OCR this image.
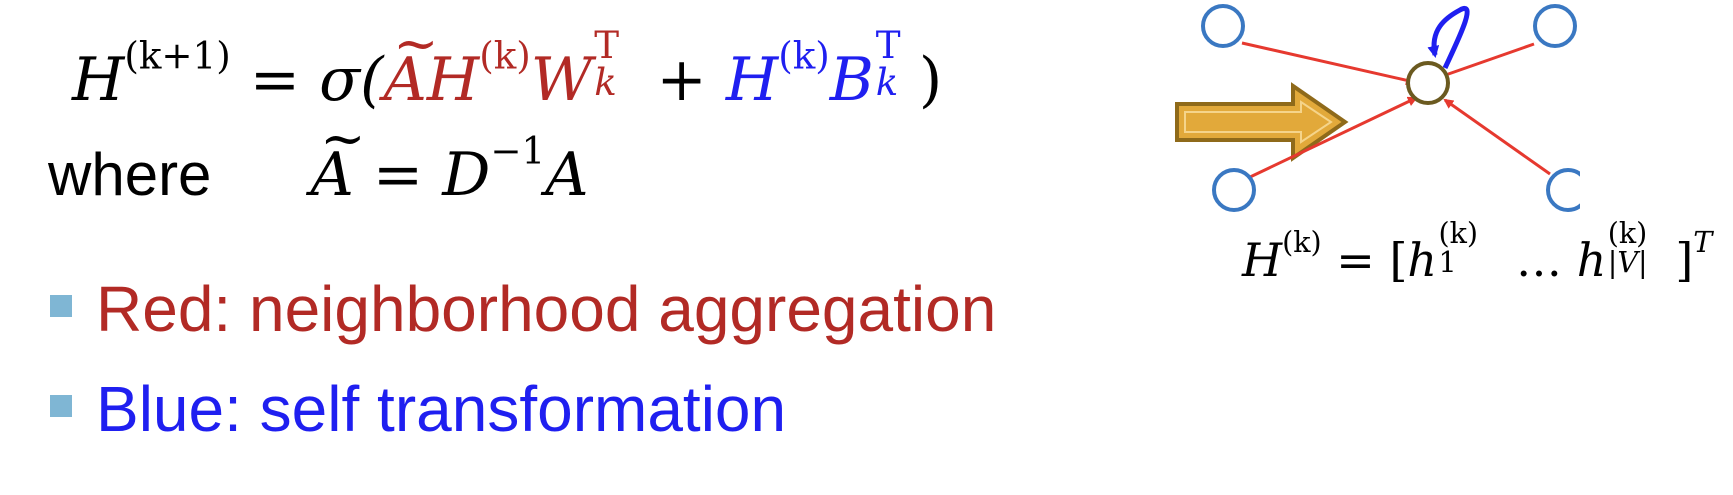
$H^{(k+1)}$ = σ(~ AH$^{(k)}$W T
$k + H^{(k)}B$ T
k )
where ~ $A = D^{-1}A$
$H^{(k)} = [h$ (k)
1 … h (k)
|V| ]$^T$
Red: neighborhood aggregation
Blue: self transformation
